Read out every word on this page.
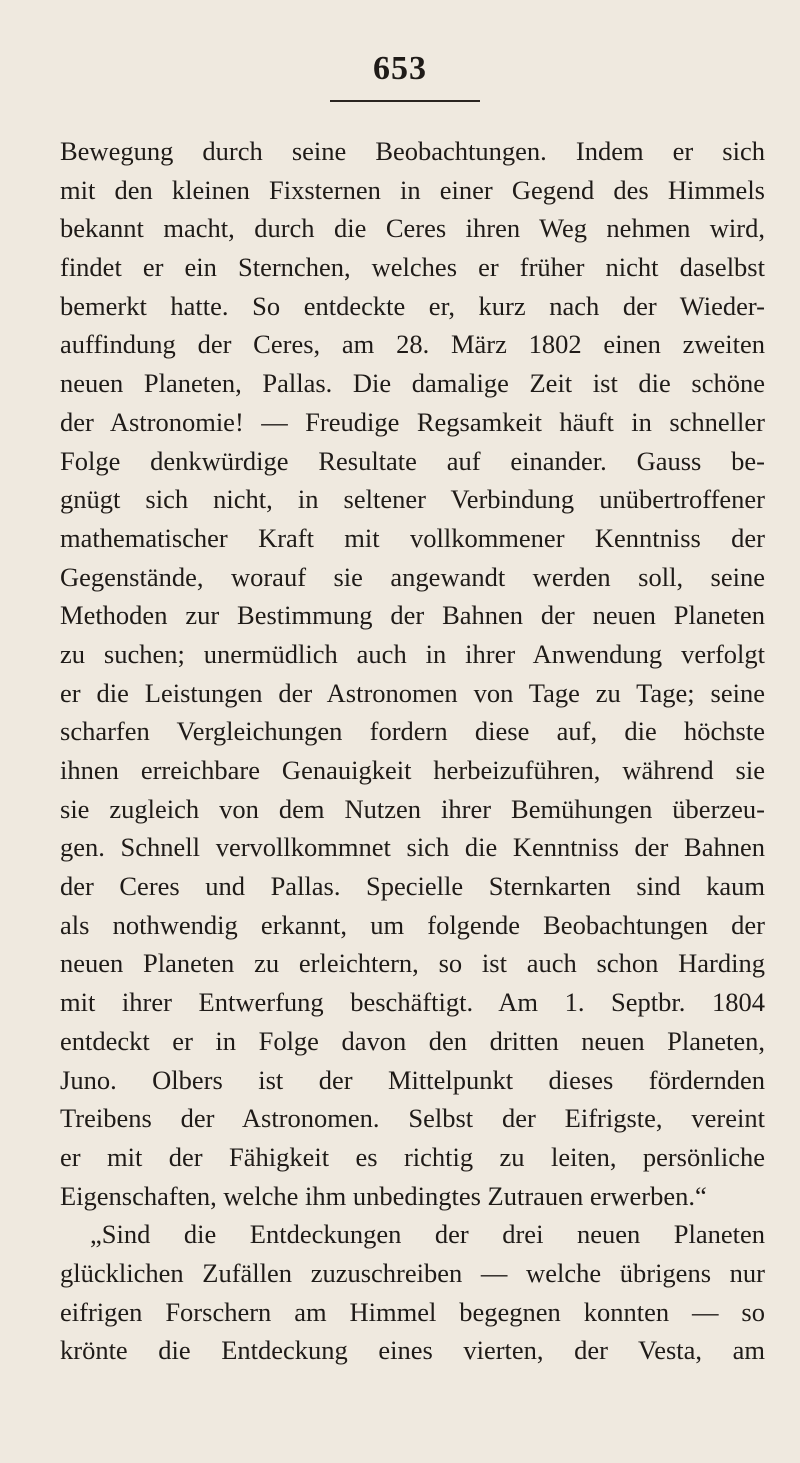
653
Bewegung durch seine Beobachtungen. Indem er sich
mit den kleinen Fixsternen in einer Gegend des Himmels
bekannt macht, durch die Ceres ihren Weg nehmen wird,
findet er ein Sternchen, welches er früher nicht daselbst
bemerkt hatte. So entdeckte er, kurz nach der Wieder-
auffindung der Ceres, am 28. März 1802 einen zweiten
neuen Planeten, Pallas. Die damalige Zeit ist die schöne
der Astronomie! — Freudige Regsamkeit häuft in schneller
Folge denkwürdige Resultate auf einander. Gauss be-
gnügt sich nicht, in seltener Verbindung unübertroffener
mathematischer Kraft mit vollkommener Kenntniss der
Gegenstände, worauf sie angewandt werden soll, seine
Methoden zur Bestimmung der Bahnen der neuen Planeten
zu suchen; unermüdlich auch in ihrer Anwendung verfolgt
er die Leistungen der Astronomen von Tage zu Tage; seine
scharfen Vergleichungen fordern diese auf, die höchste
ihnen erreichbare Genauigkeit herbeizuführen, während sie
sie zugleich von dem Nutzen ihrer Bemühungen überzeu-
gen. Schnell vervollkommnet sich die Kenntniss der Bahnen
der Ceres und Pallas. Specielle Sternkarten sind kaum
als nothwendig erkannt, um folgende Beobachtungen der
neuen Planeten zu erleichtern, so ist auch schon Harding
mit ihrer Entwerfung beschäftigt. Am 1. Septbr. 1804
entdeckt er in Folge davon den dritten neuen Planeten,
Juno. Olbers ist der Mittelpunkt dieses fördernden
Treibens der Astronomen. Selbst der Eifrigste, vereint
er mit der Fähigkeit es richtig zu leiten, persönliche
Eigenschaften, welche ihm unbedingtes Zutrauen erwerben.“
„Sind die Entdeckungen der drei neuen Planeten
glücklichen Zufällen zuzuschreiben — welche übrigens nur
eifrigen Forschern am Himmel begegnen konnten — so
krönte die Entdeckung eines vierten, der Vesta, am
